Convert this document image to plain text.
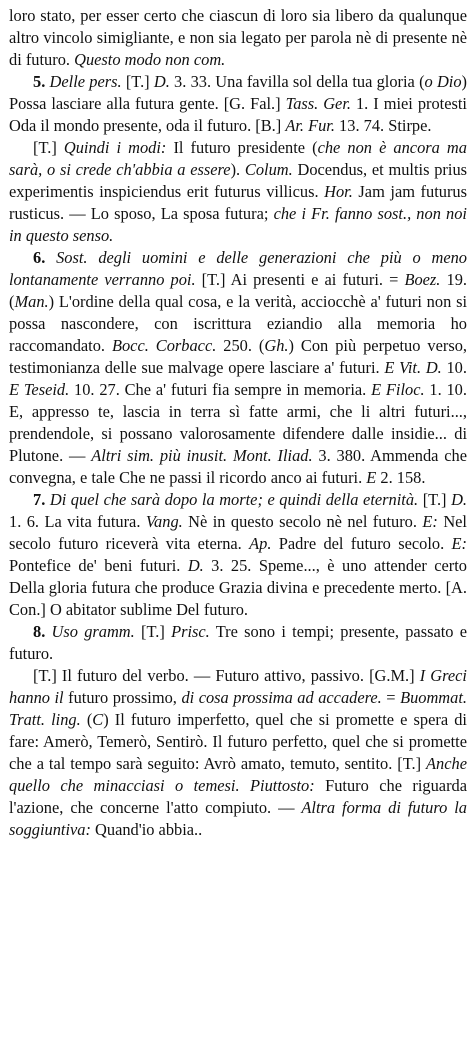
loro stato, per esser certo che ciascun di loro sia libero da qualunque altro vincolo simigliante, e non sia legato per parola nè di presente nè di futuro. Questo modo non com.

5. Delle pers. [T.] D. 3. 33. Una favilla sol della tua gloria (o Dio) Possa lasciare alla futura gente. [G. Fal.] Tass. Ger. 1. I miei protesti Oda il mondo presente, oda il futuro. [B.] Ar. Fur. 13. 74. Stirpe.

[T.] Quindi i modi: Il futuro presidente (che non è ancora ma sarà, o si crede ch'abbia a essere). Colum. Docendus, et multis prius experimentis inspiciendus erit futurus villicus. Hor. Jam jam futurus rusticus. — Lo sposo, La sposa futura; che i Fr. fanno sost., non noi in questo senso.

6. Sost. degli uomini e delle generazioni che più o meno lontanamente verranno poi. [T.] Ai presenti e ai futuri. = Boez. 19. (Man.) L'ordine della qual cosa, e la verità, acciocchè a' futuri non si possa nascondere, con iscrittura eziandio alla memoria ho raccomandato. Bocc. Corbacc. 250. (Gh.) Con più perpetuo verso, testimonianza delle sue malvage opere lasciare a' futuri. E Vit. D. 10. E Teseid. 10. 27. Che a' futuri fia sempre in memoria. E Filoc. 1. 10. E, appresso te, lascia in terra sì fatte armi, che li altri futuri..., prendendole, si possano valorosamente difendere dalle insidie... di Plutone. — Altri sim. più inusit. Mont. Iliad. 3. 380. Ammenda che convegna, e tale Che ne passi il ricordo anco ai futuri. E 2. 158.

7. Di quel che sarà dopo la morte; e quindi della eternità. [T.] D. 1. 6. La vita futura. Vang. Nè in questo secolo nè nel futuro. E: Nel secolo futuro riceverà vita eterna. Ap. Padre del futuro secolo. E: Pontefice de' beni futuri. D. 3. 25. Speme..., è uno attender certo Della gloria futura che produce Grazia divina e precedente merto. [A. Con.] O abitator sublime Del futuro.

8. Uso gramm. [T.] Prisc. Tre sono i tempi; presente, passato e futuro.

[T.] Il futuro del verbo. — Futuro attivo, passivo. [G.M.] I Greci hanno il futuro prossimo, di cosa prossima ad accadere. = Buommat. Tratt. ling. (C) Il futuro imperfetto, quel che si promette e spera di fare: Amerò, Temerò, Sentirò. Il futuro perfetto, quel che si promette che a tal tempo sarà seguito: Avrò amato, temuto, sentito. [T.] Anche quello che minacciasi o temesi. Piuttosto: Futuro che riguarda l'azione, che concerne l'atto compiuto. — Altra forma di futuro la soggiuntiva: Quand'io abbia..
